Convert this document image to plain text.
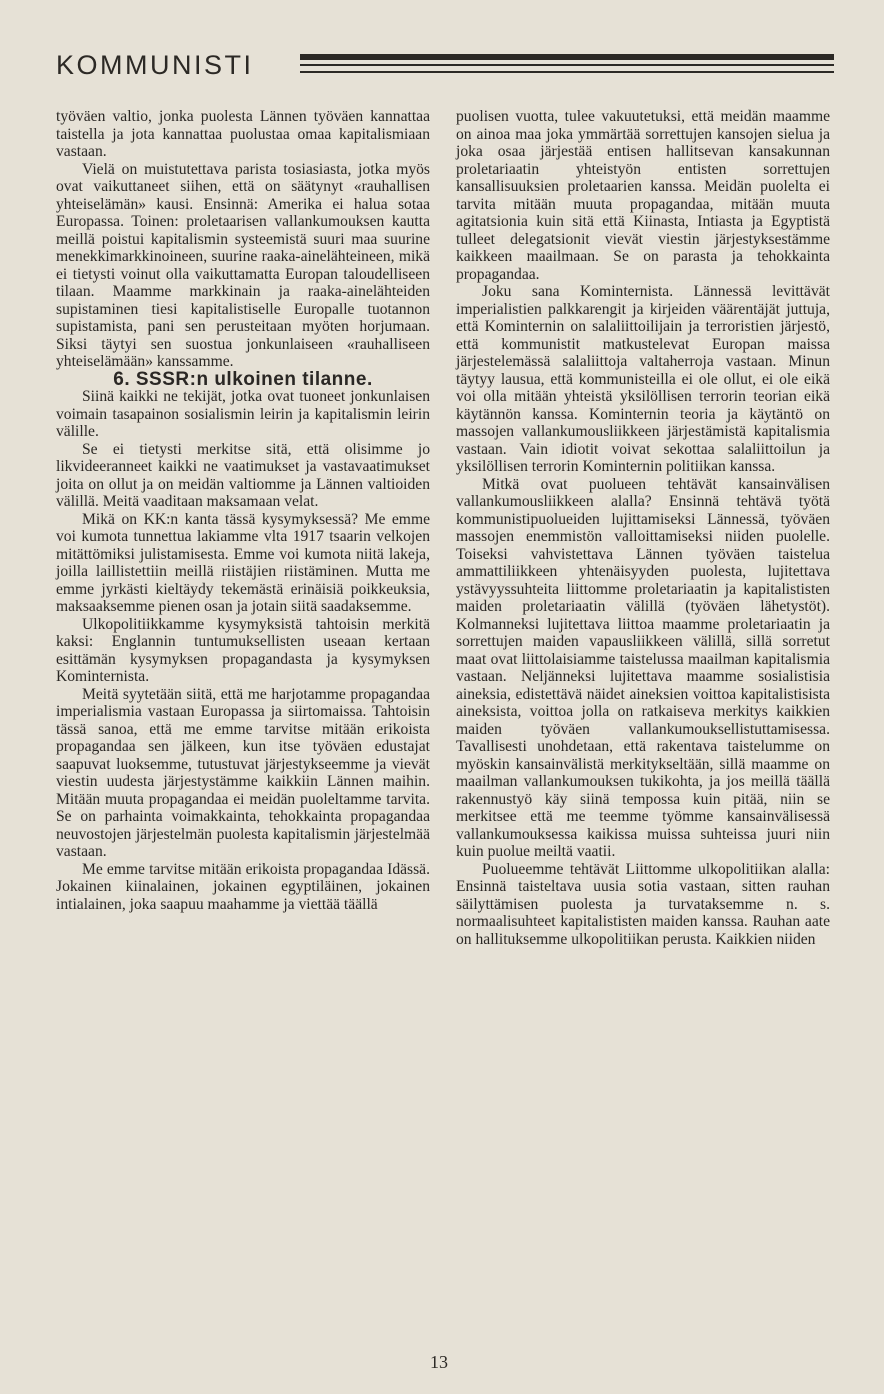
KOMMUNISTI

työväen valtio, jonka puolesta Lännen työväen kannattaa taistella ja jota kannattaa puolustaa omaa kapitalismiaan vastaan.

Vielä on muistutettava parista tosiasiasta, jotka myös ovat vaikuttaneet siihen, että on säätynyt «rauhallisen yhteiselämän» kausi. Ensinnä: Amerika ei halua sotaa Europassa. Toinen: proletaarisen vallankumouksen kautta meillä poistui kapitalismin systeemistä suuri maa suurine menekkimarkkinoineen, suurine raaka-ainelähteineen, mikä ei tietysti voinut olla vaikuttamatta Europan taloudelliseen tilaan. Maamme markkinain ja raaka-ainelähteiden supistaminen tiesi kapitalistiselle Europalle tuotannon supistamista, pani sen perusteitaan myöten horjumaan. Siksi täytyi sen suostua jonkunlaiseen «rauhalliseen yhteiselämään» kanssamme.

6. SSSR:n ulkoinen tilanne.

Siinä kaikki ne tekijät, jotka ovat tuoneet jonkunlaisen voimain tasapainon sosialismin leirin ja kapitalismin leirin välille.

Se ei tietysti merkitse sitä, että olisimme jo likvideeranneet kaikki ne vaatimukset ja vastavaatimukset joita on ollut ja on meidän valtiomme ja Lännen valtioiden välillä. Meitä vaaditaan maksamaan velat.

Mikä on KK:n kanta tässä kysymyksessä? Me emme voi kumota tunnettua lakiamme vlta 1917 tsaarin velkojen mitättömiksi julistamisesta. Emme voi kumota niitä lakeja, joilla laillistettiin meillä riistäjien riistäminen. Mutta me emme jyrkästi kieltäydy tekemästä erinäisiä poikkeuksia, maksaaksemme pienen osan ja jotain siitä saadaksemme.

Ulkopolitiikkamme kysymyksistä tahtoisin merkitä kaksi: Englannin tuntumuksellisten useaan kertaan esittämän kysymyksen propagandasta ja kysymyksen Kominternista.

Meitä syytetään siitä, että me harjotamme propagandaa imperialismia vastaan Europassa ja siirtomaissa. Tahtoisin tässä sanoa, että me emme tarvitse mitään erikoista propagandaa sen jälkeen, kun itse työväen edustajat saapuvat luoksemme, tutustuvat järjestykseemme ja vievät viestin uudesta järjestystämme kaikkiin Lännen maihin. Mitään muuta propagandaa ei meidän puoleltamme tarvita. Se on parhainta voimakkainta, tehokkainta propagandaa neuvostojen järjestelmän puolesta kapitalismin järjestelmää vastaan.

Me emme tarvitse mitään erikoista propagandaa Idässä. Jokainen kiinalainen, jokainen egyptiläinen, jokainen intialainen, joka saapuu maahamme ja viettää täällä

puolisen vuotta, tulee vakuutetuksi, että meidän maamme on ainoa maa joka ymmärtää sorrettujen kansojen sielua ja joka osaa järjestää entisen hallitsevan kansakunnan proletariaatin yhteistyön entisten sorrettujen kansallisuuksien proletaarien kanssa. Meidän puolelta ei tarvita mitään muuta propagandaa, mitään muuta agitatsionia kuin sitä että Kiinasta, Intiasta ja Egyptistä tulleet delegatsionit vievät viestin järjestyksestämme kaikkeen maailmaan. Se on parasta ja tehokkainta propagandaa.

Joku sana Kominternista. Lännessä levittävät imperialistien palkkarengit ja kirjeiden väärentäjät juttuja, että Kominternin on salaliittoilijain ja terroristien järjestö, että kommunistit matkustelevat Europan maissa järjestelemässä salaliittoja valtaherroja vastaan. Minun täytyy lausua, että kommunisteilla ei ole ollut, ei ole eikä voi olla mitään yhteistä yksilöllisen terrorin teorian eikä käytännön kanssa. Kominternin teoria ja käytäntö on massojen vallankumousliikkeen järjestämistä kapitalismia vastaan. Vain idiotit voivat sekottaa salaliittoilun ja yksilöllisen terrorin Kominternin politiikan kanssa.

Mitkä ovat puolueen tehtävät kansainvälisen vallankumousliikkeen alalla? Ensinnä tehtävä työtä kommunistipuolueiden lujittamiseksi Lännessä, työväen massojen enemmistön valloittamiseksi niiden puolelle. Toiseksi vahvistettava Lännen työväen taistelua ammattiliikkeen yhtenäisyyden puolesta, lujitettava ystävyyssuhteita liittomme proletariaatin ja kapitalististen maiden proletariaatin välillä (työväen lähetystöt). Kolmanneksi lujitettava liittoa maamme proletariaatin ja sorrettujen maiden vapausliikkeen välillä, sillä sorretut maat ovat liittolaisiamme taistelussa maailman kapitalismia vastaan. Neljänneksi lujitettava maamme sosialistisia aineksia, edistettävä näidet aineksien voittoa kapitalistisista aineksista, voittoa jolla on ratkaiseva merkitys kaikkien maiden työväen vallankumouksellistuttamisessa. Tavallisesti unohdetaan, että rakentava taistelumme on myöskin kansainvälistä merkitykseltään, sillä maamme on maailman vallankumouksen tukikohta, ja jos meillä täällä rakennustyö käy siinä tempossa kuin pitää, niin se merkitsee että me teemme työmme kansainvälisessä vallankumouksessa kaikissa muissa suhteissa juuri niin kuin puolue meiltä vaatii.

Puolueemme tehtävät Liittomme ulkopolitiikan alalla: Ensinnä taisteltava uusia sotia vastaan, sitten rauhan säilyttämisen puolesta ja turvataksemme n. s. normaalisuhteet kapitalististen maiden kanssa. Rauhan aate on hallituksemme ulkopolitiikan perusta. Kaikkien niiden

13
